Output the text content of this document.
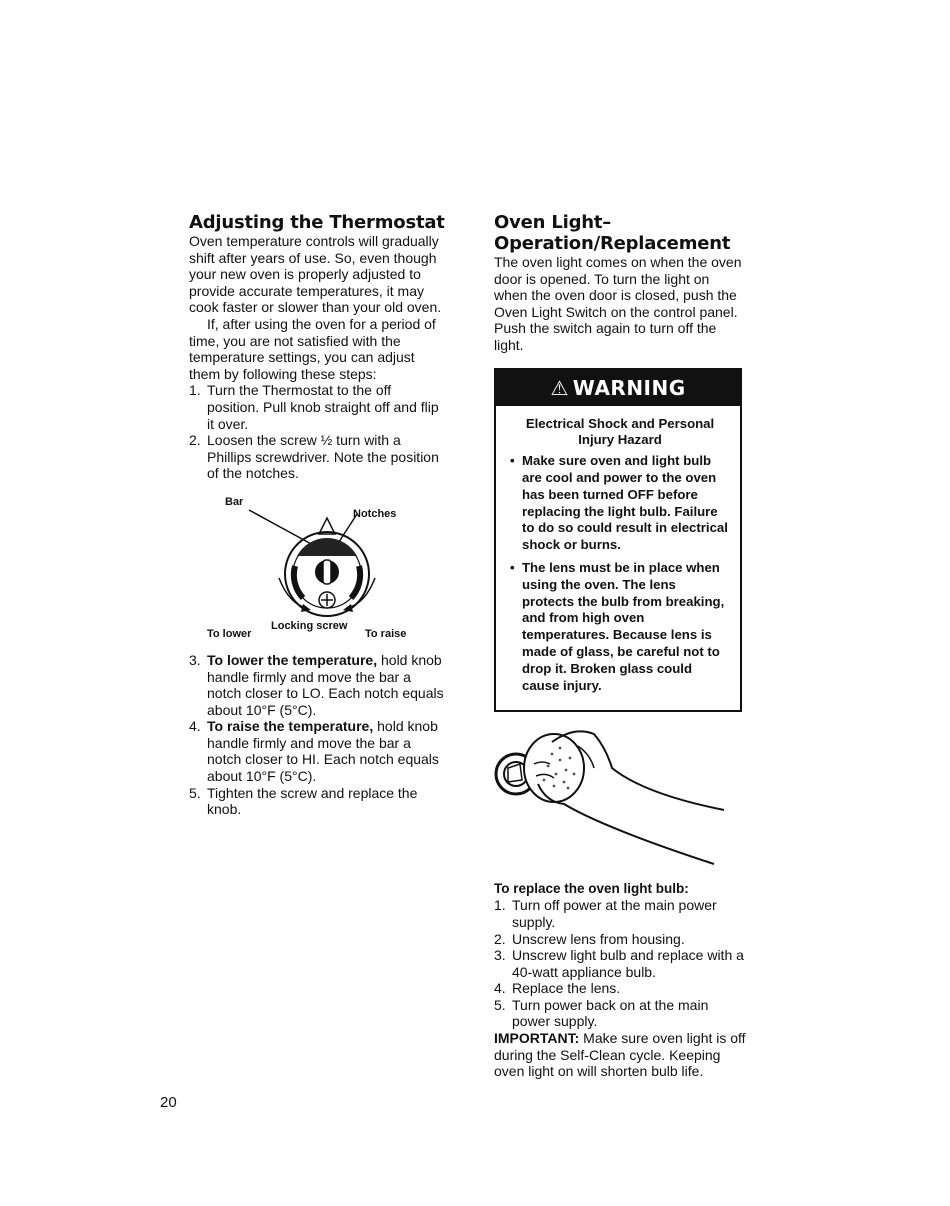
Adjusting the Thermostat

Oven temperature controls will gradually shift after years of use. So, even though your new oven is properly adjusted to provide accurate temperatures, it may cook faster or slower than your old oven.

If, after using the oven for a period of time, you are not satisfied with the temperature settings, you can adjust them by following these steps:

1. Turn the Thermostat to the off position. Pull knob straight off and flip it over.
2. Loosen the screw ½ turn with a Phillips screwdriver. Note the position of the notches.
Bar
Notches
To lower
Locking screw
To raise
3. To lower the temperature, hold knob handle firmly and move the bar a notch closer to LO. Each notch equals about 10°F (5°C).
4. To raise the temperature, hold knob handle firmly and move the bar a notch closer to HI. Each notch equals about 10°F (5°C).
5. Tighten the screw and replace the knob.
Oven Light–
Operation/Replacement

The oven light comes on when the oven door is opened. To turn the light on when the oven door is closed, push the Oven Light Switch on the control panel. Push the switch again to turn off the light.

⚠ WARNING
Electrical Shock and Personal Injury Hazard
• Make sure oven and light bulb are cool and power to the oven has been turned OFF before replacing the light bulb. Failure to do so could result in electrical shock or burns.
• The lens must be in place when using the oven. The lens protects the bulb from breaking, and from high oven temperatures. Because lens is made of glass, be careful not to drop it. Broken glass could cause injury.
To replace the oven light bulb:
1. Turn off power at the main power supply.
2. Unscrew lens from housing.
3. Unscrew light bulb and replace with a 40-watt appliance bulb.
4. Replace the lens.
5. Turn power back on at the main power supply.

IMPORTANT: Make sure oven light is off during the Self-Clean cycle. Keeping oven light on will shorten bulb life.

20
